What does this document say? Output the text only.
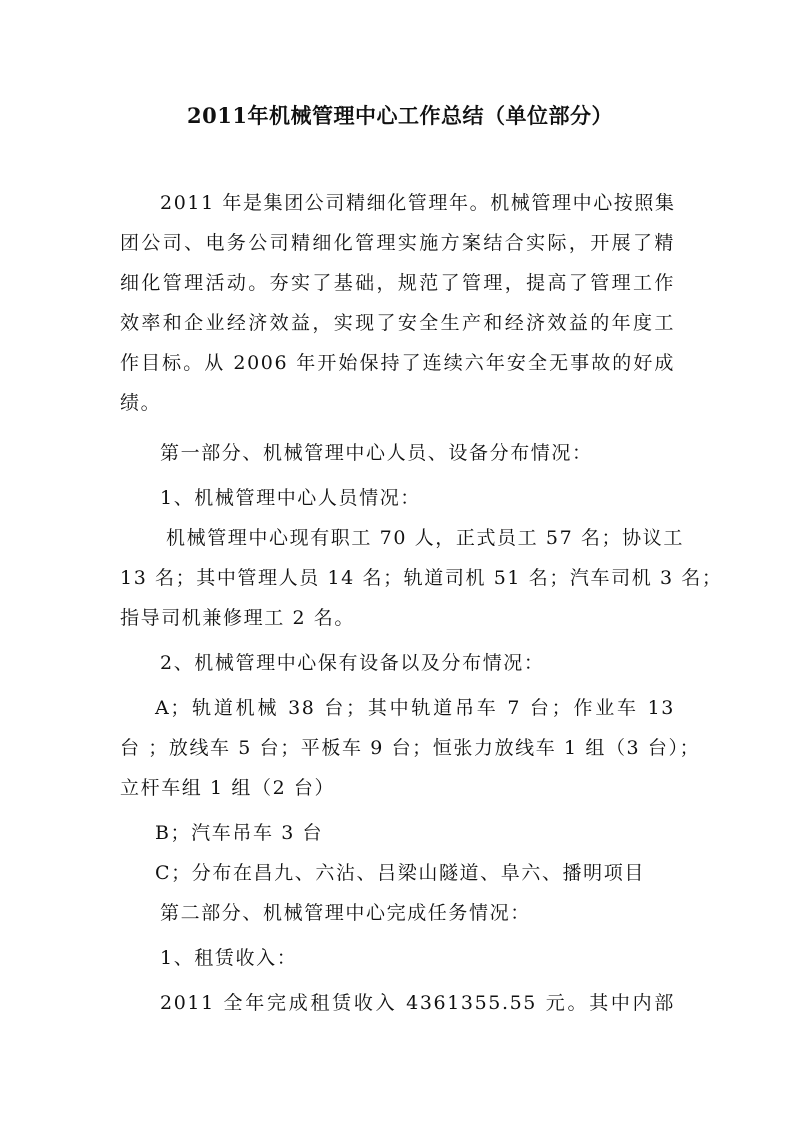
2011年机械管理中心工作总结（单位部分）
2011 年是集团公司精细化管理年。机械管理中心按照集
团公司、电务公司精细化管理实施方案结合实际，开展了精
细化管理活动。夯实了基础，规范了管理，提高了管理工作
效率和企业经济效益，实现了安全生产和经济效益的年度工
作目标。从 2006 年开始保持了连续六年安全无事故的好成
绩。
第一部分、机械管理中心人员、设备分布情况：
1、机械管理中心人员情况：
机械管理中心现有职工 70 人，正式员工 57 名；协议工
13 名；其中管理人员 14 名；轨道司机 51 名；汽车司机 3 名；
指导司机兼修理工 2 名。
2、机械管理中心保有设备以及分布情况：
A；轨道机械 38 台；其中轨道吊车 7 台；作业车 13
台 ；放线车 5 台；平板车 9 台；恒张力放线车 1 组（3 台）；
立杆车组 1 组（2 台）
B；汽车吊车 3 台
C；分布在昌九、六沾、吕梁山隧道、阜六、播明项目
第二部分、机械管理中心完成任务情况：
1、租赁收入：
2011 全年完成租赁收入 4361355.55 元。其中内部
